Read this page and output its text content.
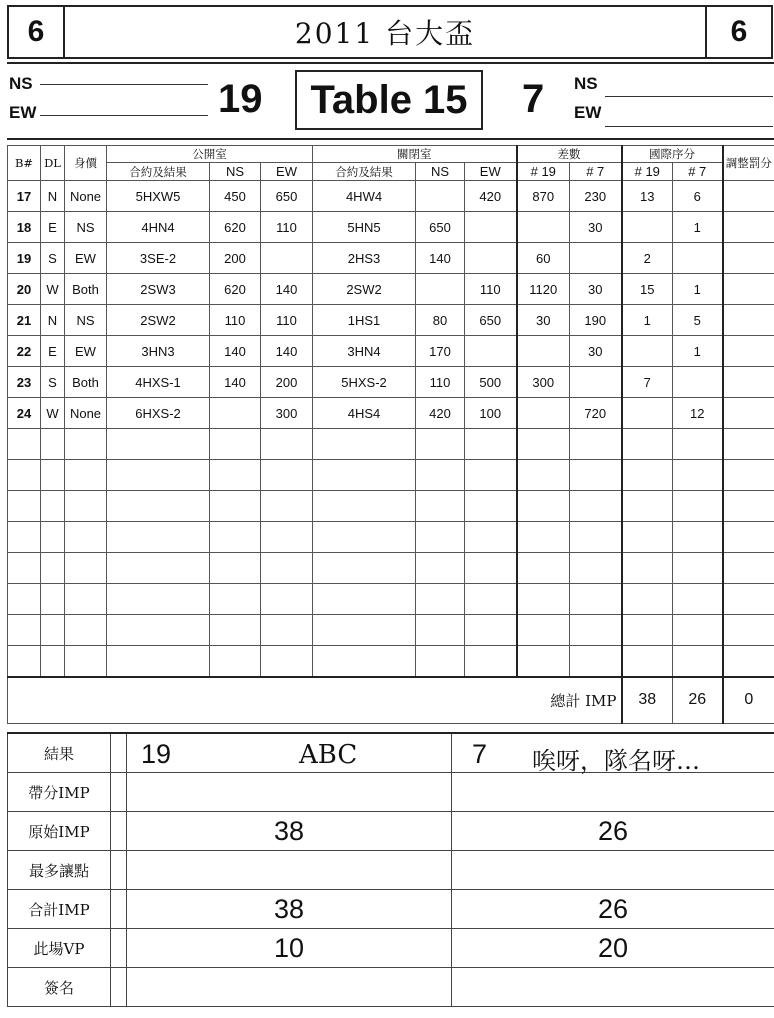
6	2011 台大盃	6
NS
EW	19	Table 15	7 NS
EW
B#	DL	身價	公開室			關閉室			差數		國際序分		調整罰分
			合約及結果	NS	EW	合約及結果	NS	EW	# 19	# 7	# 19	# 7	
17	N	None	5HXW5	450	650	4HW4		420	870	230	13	6	
18	E	NS	4HN4	620	110	5HN5	650			30		1	
19	S	EW	3SE-2	200		2HS3	140		60		2		
20	W	Both	2SW3	620	140	2SW2		110	1120	30	15	1	
21	N	NS	2SW2	110	110	1HS1	80	650	30	190	1	5	
22	E	EW	3HN3	140	140	3HN4	170			30		1	
23	S	Both	4HXS-1	140	200	5HXS-2	110	500	300		7		
24	W	None	6HXS-2		300	4HS4	420	100		720		12	

總計 IMP											38	26	0
結果		19 ABC	7 唉呀，隊名呀…

帶分IMP			
原始IMP		38	26
最多讓點			
合計IMP		38	26
此場VP		10	20
簽名			
